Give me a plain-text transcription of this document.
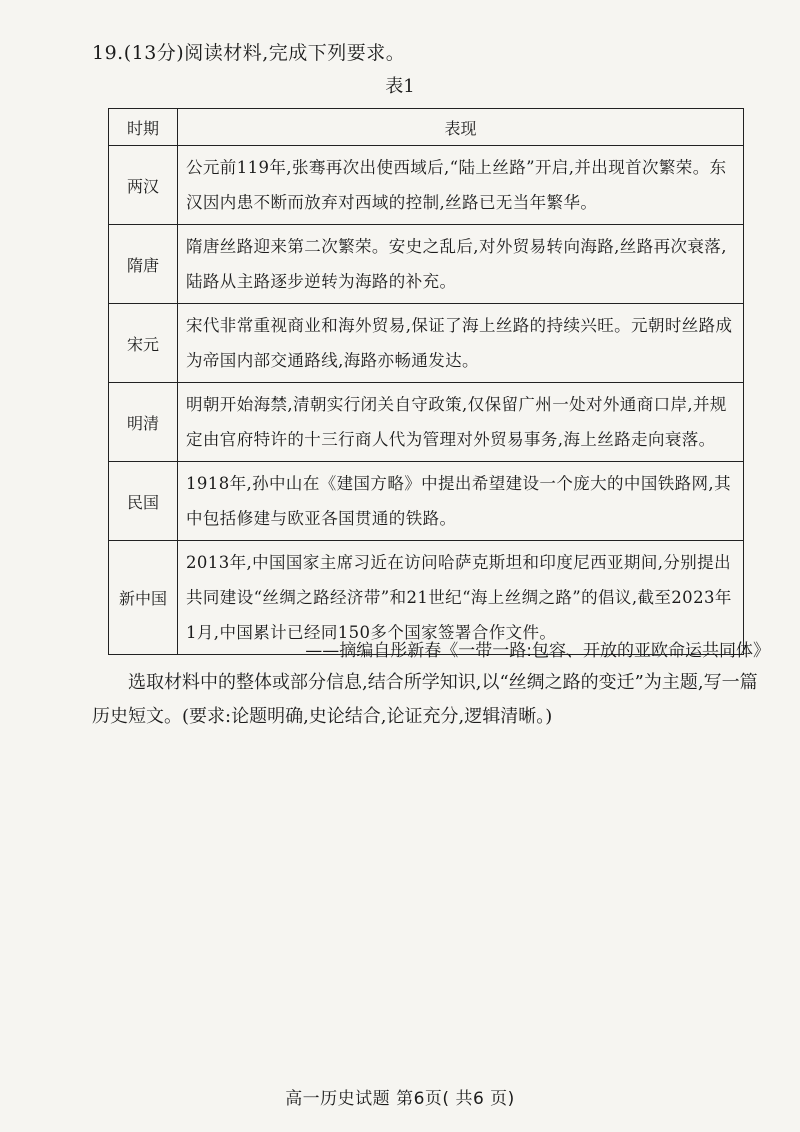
19.(13分)阅读材料,完成下列要求。
表1
时期	表现
两汉	公元前119年,张骞再次出使西域后,“陆上丝路”开启,并出现首次繁荣。东汉因内患不断而放弃对西域的控制,丝路已无当年繁华。
隋唐	隋唐丝路迎来第二次繁荣。安史之乱后,对外贸易转向海路,丝路再次衰落,陆路从主路逐步逆转为海路的补充。
宋元	宋代非常重视商业和海外贸易,保证了海上丝路的持续兴旺。元朝时丝路成为帝国内部交通路线,海路亦畅通发达。
明清	明朝开始海禁,清朝实行闭关自守政策,仅保留广州一处对外通商口岸,并规定由官府特许的十三行商人代为管理对外贸易事务,海上丝路走向衰落。
民国	1918年,孙中山在《建国方略》中提出希望建设一个庞大的中国铁路网,其中包括修建与欧亚各国贯通的铁路。
新中国	2013年,中国国家主席习近在访问哈萨克斯坦和印度尼西亚期间,分别提出共同建设“丝绸之路经济带”和21世纪“海上丝绸之路”的倡议,截至2023年1月,中国累计已经同150多个国家签署合作文件。
——摘编自彤新春《一带一路:包容、开放的亚欧命运共同体》
选取材料中的整体或部分信息,结合所学知识,以“丝绸之路的变迁”为主题,写一篇历史短文。(要求:论题明确,史论结合,论证充分,逻辑清晰。)
高一历史试题 第6页( 共6 页)
